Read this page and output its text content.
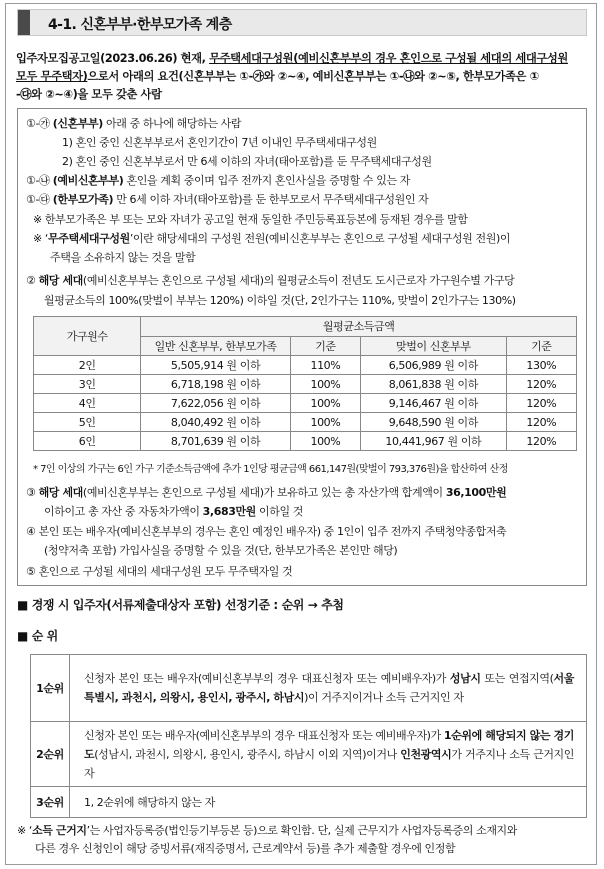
4-1. 신혼부부·한부모가족 계층
입주자모집공고일(2023.06.26) 현재, 무주택세대구성원(예비신혼부부의 경우 혼인으로 구성될 세대의 세대구성원
모두 무주택자)으로서 아래의 요건(신혼부부는 ①-㉮와 ②~④, 예비신혼부부는 ①-㉯와 ②~⑤, 한부모가족은 ①
-㉰와 ②~④)을 모두 갖춘 사람
①-㉮ (신혼부부) 아래 중 하나에 해당하는 사람
1) 혼인 중인 신혼부부로서 혼인기간이 7년 이내인 무주택세대구성원
2) 혼인 중인 신혼부부로서 만 6세 이하의 자녀(태아포함)를 둔 무주택세대구성원
①-㉯ (예비신혼부부) 혼인을 계획 중이며 입주 전까지 혼인사실을 증명할 수 있는 자
①-㉰ (한부모가족) 만 6세 이하 자녀(태아포함)를 둔 한부모로서 무주택세대구성원인 자
※ 한부모가족은 부 또는 모와 자녀가 공고일 현재 동일한 주민등록표등본에 등재된 경우를 말함
※ ‘무주택세대구성원’이란 해당세대의 구성원 전원(예비신혼부부는 혼인으로 구성될 세대구성원 전원)이
주택을 소유하지 않는 것을 말함
② 해당 세대(예비신혼부부는 혼인으로 구성될 세대)의 월평균소득이 전년도 도시근로자 가구원수별 가구당
월평균소득의 100%(맞벌이 부부는 120%) 이하일 것(단, 2인가구는 110%, 맞벌이 2인가구는 130%)
가구원수	월평균소득금액			
	일반 신혼부부, 한부모가족	기준	맞벌이 신혼부부	기준
2인	5,505,914 원 이하	110%	6,506,989 원 이하	130%
3인	6,718,198 원 이하	100%	8,061,838 원 이하	120%
4인	7,622,056 원 이하	100%	9,146,467 원 이하	120%
5인	8,040,492 원 이하	100%	9,648,590 원 이하	120%
6인	8,701,639 원 이하	100%	10,441,967 원 이하	120%
* 7인 이상의 가구는 6인 가구 기준소득금액에 추가 1인당 평균금액 661,147원(맞벌이 793,376원)을 합산하여 산정
③ 해당 세대(예비신혼부부는 혼인으로 구성될 세대)가 보유하고 있는 총 자산가액 합계액이 36,100만원
이하이고 총 자산 중 자동차가액이 3,683만원 이하일 것
④ 본인 또는 배우자(예비신혼부부의 경우는 혼인 예정인 배우자) 중 1인이 입주 전까지 주택청약종합저축
(청약저축 포함) 가입사실을 증명할 수 있을 것(단, 한부모가족은 본인만 해당)
⑤ 혼인으로 구성될 세대의 세대구성원 모두 무주택자일 것
■ 경쟁 시 입주자(서류제출대상자 포함) 선정기준 : 순위 → 추첨
■ 순 위
1순위	신청자 본인 또는 배우자(예비신혼부부의 경우 대표신청자 또는 예비배우자)가 성남시 또는 연접지역(서울특별시, 과천시, 의왕시, 용인시, 광주시, 하남시)이 거주지이거나 소득 근거지인 자
2순위	신청자 본인 또는 배우자(예비신혼부부의 경우 대표신청자 또는 예비배우자)가 1순위에 해당되지 않는 경기도(성남시, 과천시, 의왕시, 용인시, 광주시, 하남시 이외 지역)이거나 인천광역시가 거주지나 소득 근거지인 자
3순위	1, 2순위에 해당하지 않는 자
※ ‘소득 근거지’는 사업자등록증(법인등기부등본 등)으로 확인함. 단, 실제 근무지가 사업자등록증의 소재지와
다른 경우 신청인이 해당 증빙서류(재직증명서, 근로계약서 등)를 추가 제출할 경우에 인정함
